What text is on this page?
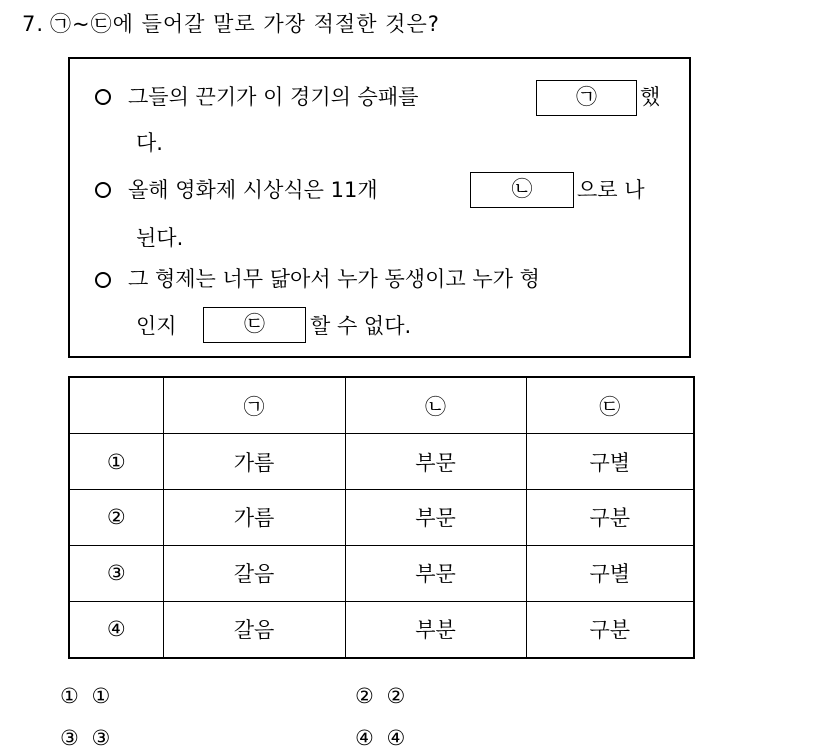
7. ㉠~㉢에 들어갈 말로 가장 적절한 것은?
그들의 끈기가 이 경기의 승패를	㉠	했
다.
올해 영화제 시상식은 11개	㉡	으로 나
뉜다.
그 형제는 너무 닮아서 누가 동생이고 누가 형
인지	㉢	할 수 없다.
	㉠	㉡	㉢
①	가름	부문	구별
②	가름	부문	구분
③	갈음	부문	구별
④	갈음	부분	구분
① ①	② ②
③ ③	④ ④
